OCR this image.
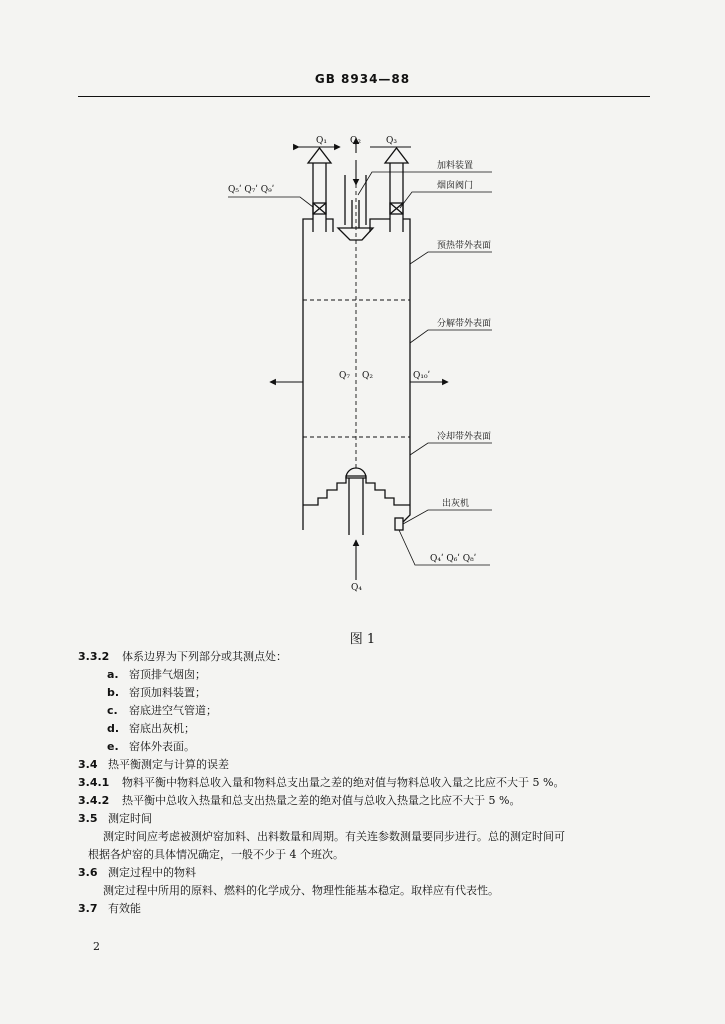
GB 8934—88
Q₁	Q₂	Q₃
Q₅ʹ Q₇ʹ Q₉ʹ
加料装置
烟囱阀门
预热带外表面
分解带外表面
Q₇ Q₂	Q₁₀ʹ
冷却带外表面
出灰机
Q₄ʹ Q₆ʹ Q₈ʹ
Q₄
图 1
3.3.2 体系边界为下列部分或其测点处：
a. 窑顶排气烟囱；
b. 窑顶加料装置；
c. 窑底进空气管道；
d. 窑底出灰机；
e. 窑体外表面。
3.4 热平衡测定与计算的误差
3.4.1 物料平衡中物料总收入量和物料总支出量之差的绝对值与物料总收入量之比应不大于 5 %。
3.4.2 热平衡中总收入热量和总支出热量之差的绝对值与总收入热量之比应不大于 5 %。
3.5 测定时间
测定时间应考虑被测炉窑加料、出料数量和周期。有关连参数测量要同步进行。总的测定时间可
根据各炉窑的具体情况确定，一般不少于 4 个班次。
3.6 测定过程中的物料
测定过程中所用的原料、燃料的化学成分、物理性能基本稳定。取样应有代表性。
3.7 有效能
2
